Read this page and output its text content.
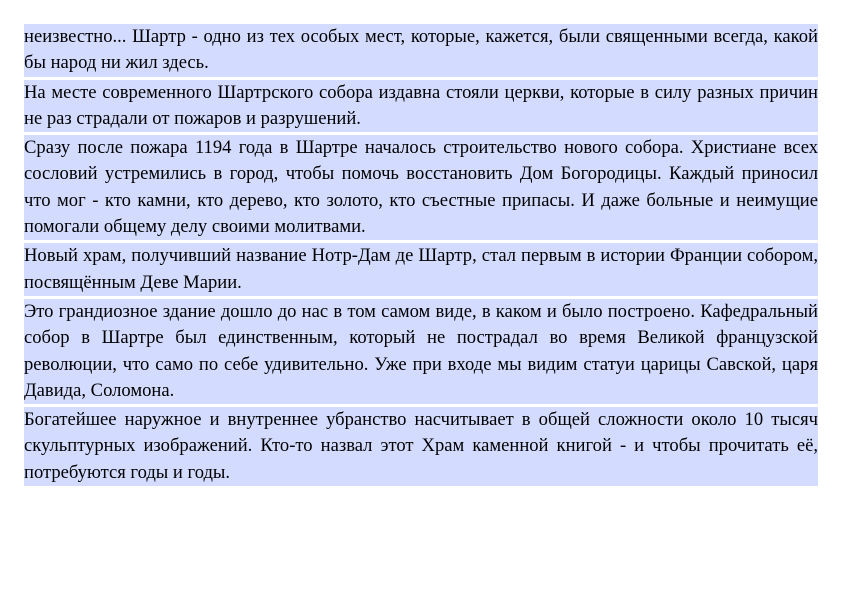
неизвестно... Шартр - одно из тех особых мест, которые, кажется, были священными всегда, какой бы народ ни жил здесь.

На месте современного Шартрского собора издавна стояли церкви, которые в силу разных причин не раз страдали от пожаров и разрушений.

Сразу после пожара 1194 года в Шартре началось строительство нового собора. Христиане всех сословий устремились в город, чтобы помочь восстановить Дом Богородицы. Каждый приносил что мог - кто камни, кто дерево, кто золото, кто съестные припасы. И даже больные и неимущие помогали общему делу своими молитвами.

Новый храм, получивший название Нотр-Дам де Шартр, стал первым в истории Франции собором, посвящённым Деве Марии.

Это грандиозное здание дошло до нас в том самом виде, в каком и было построено. Кафедральный собор в Шартре был единственным, который не пострадал во время Великой французской революции, что само по себе удивительно. Уже при входе мы видим статуи царицы Савской, царя Давида, Соломона.

Богатейшее наружное и внутреннее убранство насчитывает в общей сложности около 10 тысяч скульптурных изображений. Кто-то назвал этот Храм каменной книгой - и чтобы прочитать её, потребуются годы и годы.
